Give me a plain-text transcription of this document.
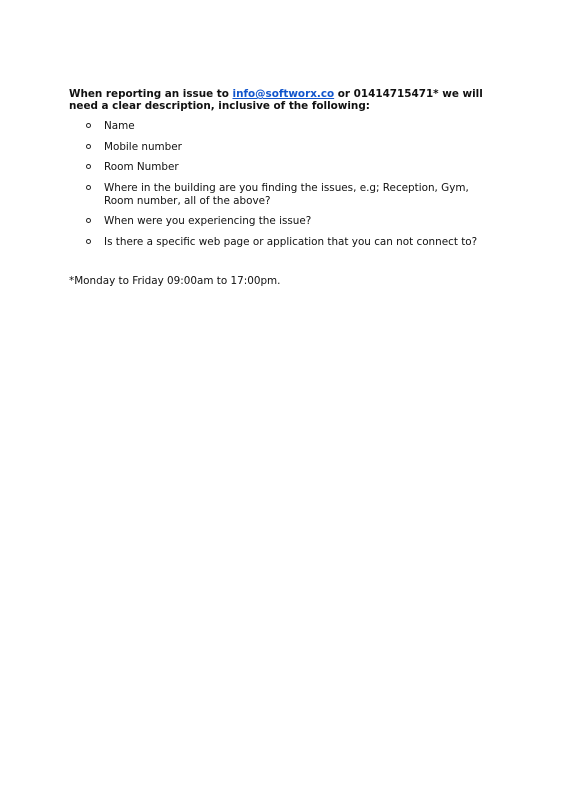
When reporting an issue to info@softworx.co or 01414715471* we will need a clear description, inclusive of the following:

Name
Mobile number
Room Number
Where in the building are you finding the issues, e.g; Reception, Gym, Room number, all of the above?
When were you experiencing the issue?
Is there a specific web page or application that you can not connect to?

*Monday to Friday 09:00am to 17:00pm.
